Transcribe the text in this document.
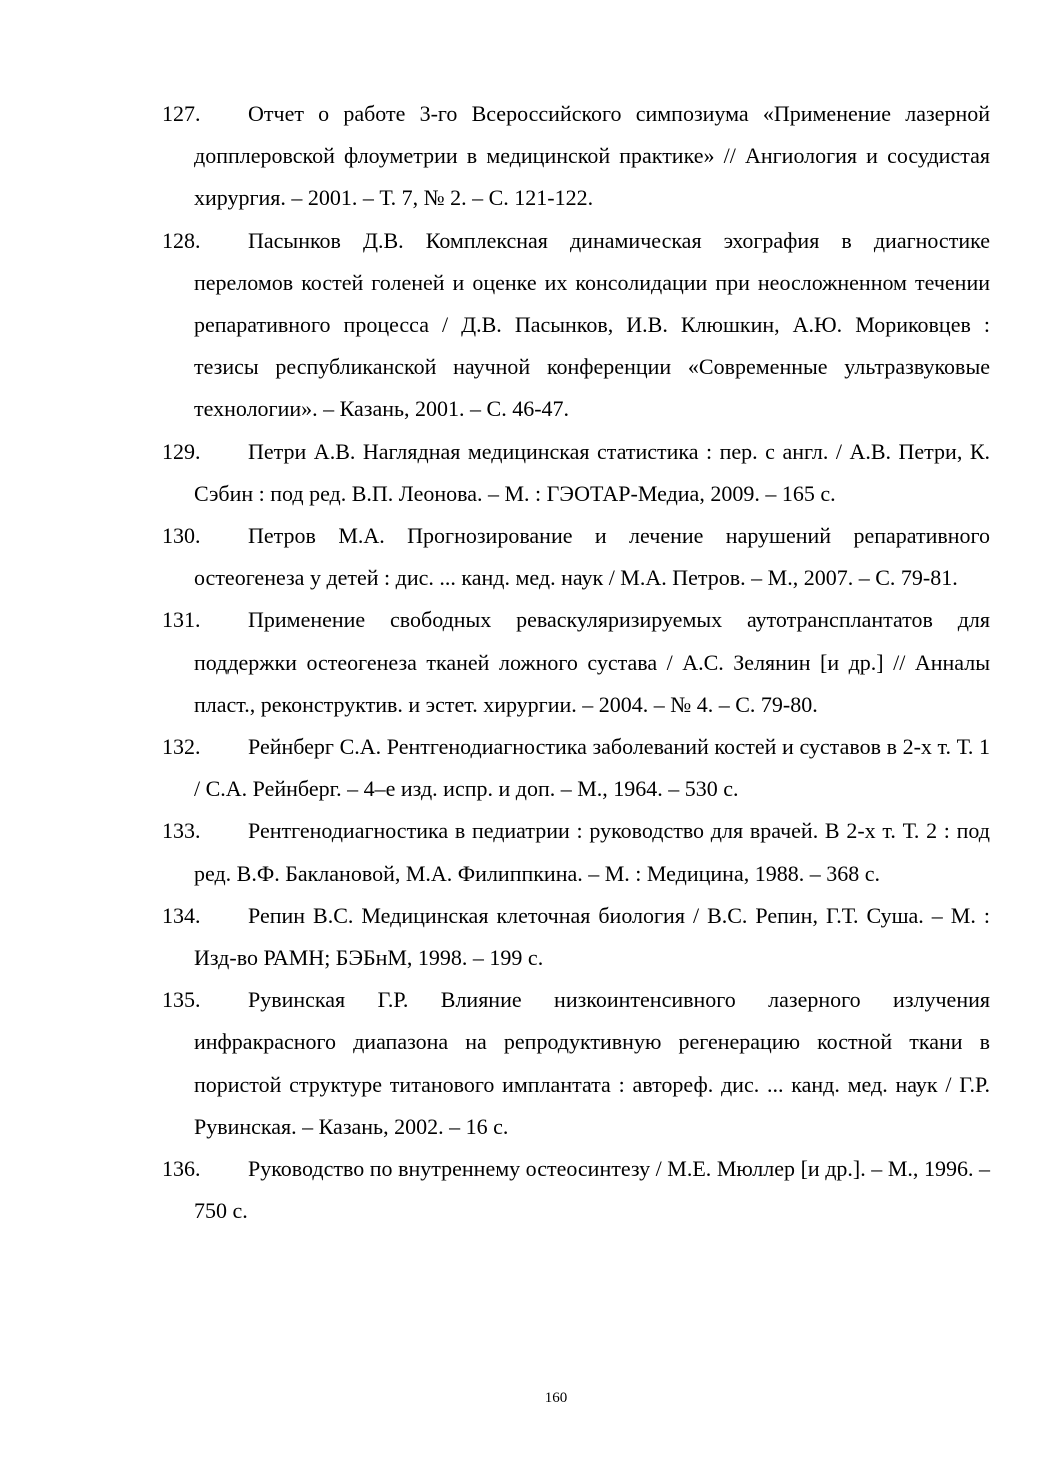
127.	Отчет о работе 3-го Всероссийского симпозиума «Применение лазерной допплеровской флоуметрии в медицинской практике» // Ангиология и сосудистая хирургия. – 2001. – Т. 7, № 2. – С. 121-122.
128.	Пасынков Д.В. Комплексная динамическая эхография в диагностике переломов костей голеней и оценке их консолидации при неосложненном течении репаративного процесса / Д.В. Пасынков, И.В. Клюшкин, А.Ю. Мориковцев : тезисы республиканской научной конференции «Современные ультразвуковые технологии». – Казань, 2001. – С. 46-47.
129.	Петри А.В. Наглядная медицинская статистика : пер. с англ. / А.В. Петри, К. Сэбин : под ред. В.П. Леонова. – М. : ГЭОТАР-Медиа, 2009. – 165 с.
130.	Петров М.А. Прогнозирование и лечение нарушений репаративного остеогенеза у детей : дис. ... канд. мед. наук / М.А. Петров. – М., 2007. – С. 79-81.
131.	Применение свободных реваскуляризируемых аутотрансплантатов для поддержки остеогенеза тканей ложного сустава / А.С. Зелянин [и др.] // Анналы пласт., реконструктив. и эстет. хирургии. – 2004. – № 4. – С. 79-80.
132.	Рейнберг С.А. Рентгенодиагностика заболеваний костей и суставов в 2-х т. Т. 1 / С.А. Рейнберг. – 4–е изд. испр. и доп. – М., 1964. – 530 с.
133.	Рентгенодиагностика в педиатрии : руководство для врачей. В 2-х т. Т. 2 : под ред. В.Ф. Баклановой, М.А. Филиппкина. – М. : Медицина, 1988. – 368 с.
134.	Репин В.С. Медицинская клеточная биология / В.С. Репин, Г.Т. Суша. – М. : Изд-во РАМН; БЭБнМ, 1998. – 199 с.
135.	Рувинская Г.Р. Влияние низкоинтенсивного лазерного излучения инфракрасного диапазона на репродуктивную регенерацию костной ткани в пористой структуре титанового имплантата : автореф. дис. ... канд. мед. наук / Г.Р. Рувинская. – Казань, 2002. – 16 с.
136.	Руководство по внутреннему остеосинтезу / М.Е. Мюллер [и др.]. – М., 1996. – 750 с.
160
